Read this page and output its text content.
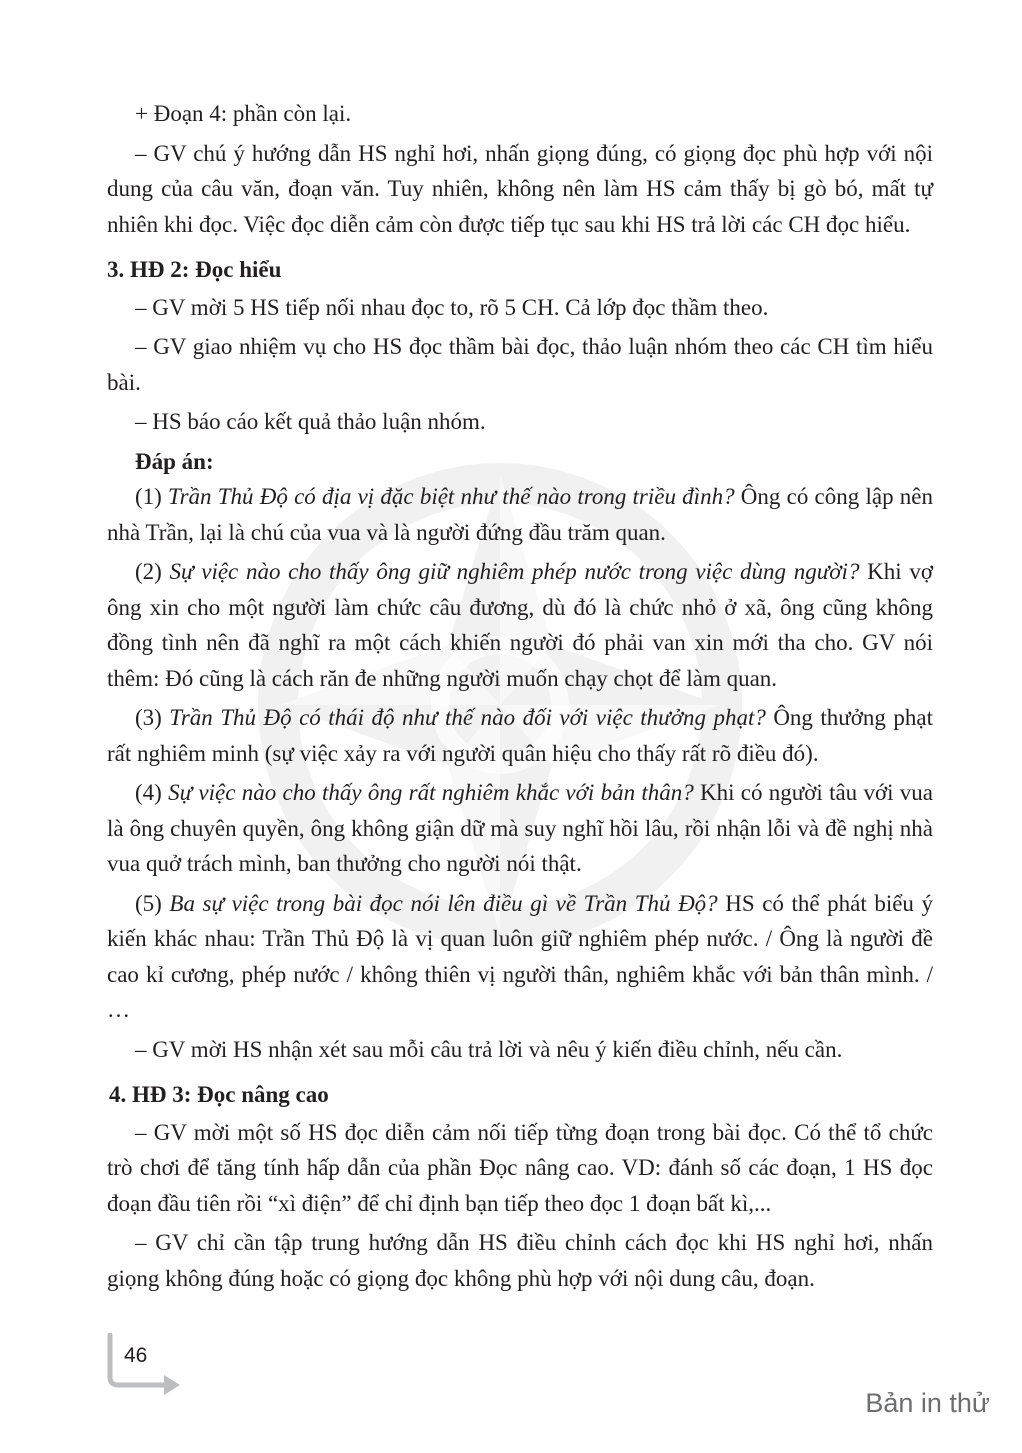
+ Đoạn 4: phần còn lại.

– GV chú ý hướng dẫn HS nghỉ hơi, nhấn giọng đúng, có giọng đọc phù hợp với nội dung của câu văn, đoạn văn. Tuy nhiên, không nên làm HS cảm thấy bị gò bó, mất tự nhiên khi đọc. Việc đọc diễn cảm còn được tiếp tục sau khi HS trả lời các CH đọc hiểu.

3. HĐ 2: Đọc hiểu

– GV mời 5 HS tiếp nối nhau đọc to, rõ 5 CH. Cả lớp đọc thầm theo.

– GV giao nhiệm vụ cho HS đọc thầm bài đọc, thảo luận nhóm theo các CH tìm hiểu bài.

– HS báo cáo kết quả thảo luận nhóm.

Đáp án:

(1) Trần Thủ Độ có địa vị đặc biệt như thế nào trong triều đình? Ông có công lập nên nhà Trần, lại là chú của vua và là người đứng đầu trăm quan.

(2) Sự việc nào cho thấy ông giữ nghiêm phép nước trong việc dùng người? Khi vợ ông xin cho một người làm chức câu đương, dù đó là chức nhỏ ở xã, ông cũng không đồng tình nên đã nghĩ ra một cách khiến người đó phải van xin mới tha cho. GV nói thêm: Đó cũng là cách răn đe những người muốn chạy chọt để làm quan.

(3) Trần Thủ Độ có thái độ như thế nào đối với việc thưởng phạt? Ông thưởng phạt rất nghiêm minh (sự việc xảy ra với người quân hiệu cho thấy rất rõ điều đó).

(4) Sự việc nào cho thấy ông rất nghiêm khắc với bản thân? Khi có người tâu với vua là ông chuyên quyền, ông không giận dữ mà suy nghĩ hồi lâu, rồi nhận lỗi và đề nghị nhà vua quở trách mình, ban thưởng cho người nói thật.

(5) Ba sự việc trong bài đọc nói lên điều gì về Trần Thủ Độ? HS có thể phát biểu ý kiến khác nhau: Trần Thủ Độ là vị quan luôn giữ nghiêm phép nước. / Ông là người đề cao kỉ cương, phép nước / không thiên vị người thân, nghiêm khắc với bản thân mình. / …

– GV mời HS nhận xét sau mỗi câu trả lời và nêu ý kiến điều chỉnh, nếu cần.

4. HĐ 3: Đọc nâng cao

– GV mời một số HS đọc diễn cảm nối tiếp từng đoạn trong bài đọc. Có thể tổ chức trò chơi để tăng tính hấp dẫn của phần Đọc nâng cao. VD: đánh số các đoạn, 1 HS đọc đoạn đầu tiên rồi “xì điện” để chỉ định bạn tiếp theo đọc 1 đoạn bất kì,...

– GV chỉ cần tập trung hướng dẫn HS điều chỉnh cách đọc khi HS nghỉ hơi, nhấn giọng không đúng hoặc có giọng đọc không phù hợp với nội dung câu, đoạn.

46
Bản in thử
